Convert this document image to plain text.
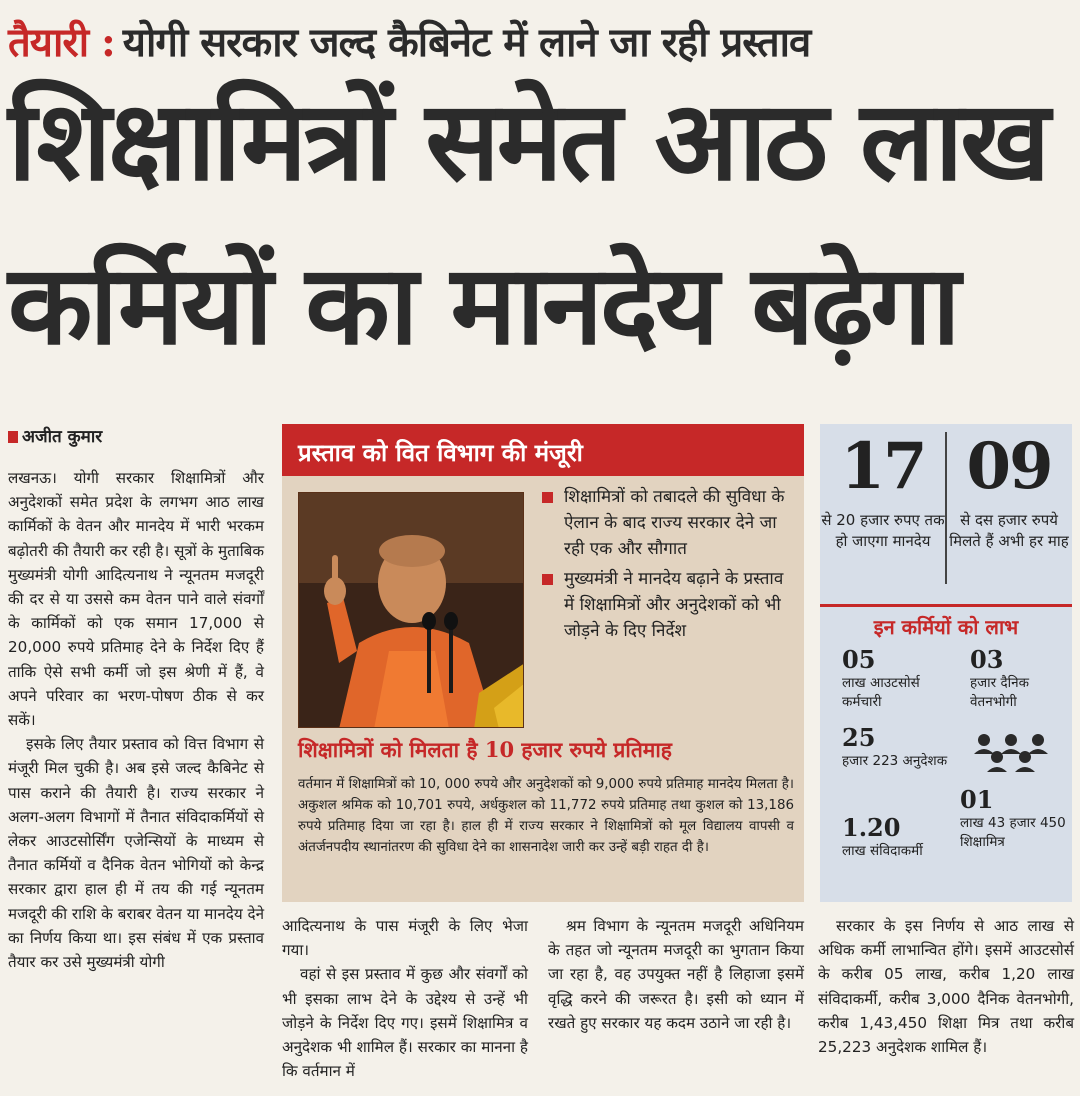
तैयारी : योगी सरकार जल्द कैबिनेट में लाने जा रही प्रस्ताव
शिक्षामित्रों समेत आठ लाख
कर्मियों का मानदेय बढ़ेगा
अजीत कुमार

लखनऊ। योगी सरकार शिक्षामित्रों और अनुदेशकों समेत प्रदेश के लगभग आठ लाख कार्मिकों के वेतन और मानदेय में भारी भरकम बढ़ोतरी की तैयारी कर रही है। सूत्रों के मुताबिक मुख्यमंत्री योगी आदित्यनाथ ने न्यूनतम मजदूरी की दर से या उससे कम वेतन पाने वाले संवर्गों के कार्मिकों को एक समान 17,000 से 20,000 रुपये प्रतिमाह देने के निर्देश दिए हैं ताकि ऐसे सभी कर्मी जो इस श्रेणी में हैं, वे अपने परिवार का भरण-पोषण ठीक से कर सकें।

इसके लिए तैयार प्रस्ताव को वित्त विभाग से मंजूरी मिल चुकी है। अब इसे जल्द कैबिनेट से पास कराने की तैयारी है। राज्य सरकार ने अलग-अलग विभागों में तैनात संविदाकर्मियों से लेकर आउटसोर्सिंग एजेन्सियों के माध्यम से तैनात कर्मियों व दैनिक वेतन भोगियों को केन्द्र सरकार द्वारा हाल ही में तय की गई न्यूनतम मजदूरी की राशि के बराबर वेतन या मानदेय देने का निर्णय किया था। इस संबंध में एक प्रस्ताव तैयार कर उसे मुख्यमंत्री योगी

प्रस्ताव को वित विभाग की मंजूरी
शिक्षामित्रों को तबादले की सुविधा के ऐलान के बाद राज्य सरकार देने जा रही एक और सौगात
मुख्यमंत्री ने मानदेय बढ़ाने के प्रस्ताव में शिक्षामित्रों और अनुदेशकों को भी जोड़ने के दिए निर्देश
शिक्षामित्रों को मिलता है 10 हजार रुपये प्रतिमाह
वर्तमान में शिक्षामित्रों को 10, 000 रुपये और अनुदेशकों को 9,000 रुपये प्रतिमाह मानदेय मिलता है। अकुशल श्रमिक को 10,701 रुपये, अर्धकुशल को 11,772 रुपये प्रतिमाह तथा कुशल को 13,186 रुपये प्रतिमाह दिया जा रहा है। हाल ही में राज्य सरकार ने शिक्षामित्रों को मूल विद्यालय वापसी व अंतर्जनपदीय स्थानांतरण की सुविधा देने का शासनादेश जारी कर उन्हें बड़ी राहत दी है।
17
से 20 हजार रुपए तक हो जाएगा मानदेय
09
से दस हजार रुपये मिलते हैं अभी हर माह
इन कर्मियों को लाभ
05
लाख आउटसोर्स कर्मचारी
03
हजार दैनिक वेतनभोगी
25
हजार 223 अनुदेशक
01
लाख 43 हजार 450 शिक्षामित्र
1.20
लाख संविदाकर्मी

आदित्यनाथ के पास मंजूरी के लिए भेजा गया।

वहां से इस प्रस्ताव में कुछ और संवर्गों को भी इसका लाभ देने के उद्देश्य से उन्हें भी जोड़ने के निर्देश दिए गए। इसमें शिक्षामित्र व अनुदेशक भी शामिल हैं। सरकार का मानना है कि वर्तमान में

श्रम विभाग के न्यूनतम मजदूरी अधिनियम के तहत जो न्यूनतम मजदूरी का भुगतान किया जा रहा है, वह उपयुक्त नहीं है लिहाजा इसमें वृद्धि करने की जरूरत है। इसी को ध्यान में रखते हुए सरकार यह कदम उठाने जा रही है।

सरकार के इस निर्णय से आठ लाख से अधिक कर्मी लाभान्वित होंगे। इसमें आउटसोर्स के करीब 05 लाख, करीब 1,20 लाख संविदाकर्मी, करीब 3,000 दैनिक वेतनभोगी, करीब 1,43,450 शिक्षा मित्र तथा करीब 25,223 अनुदेशक शामिल हैं।
